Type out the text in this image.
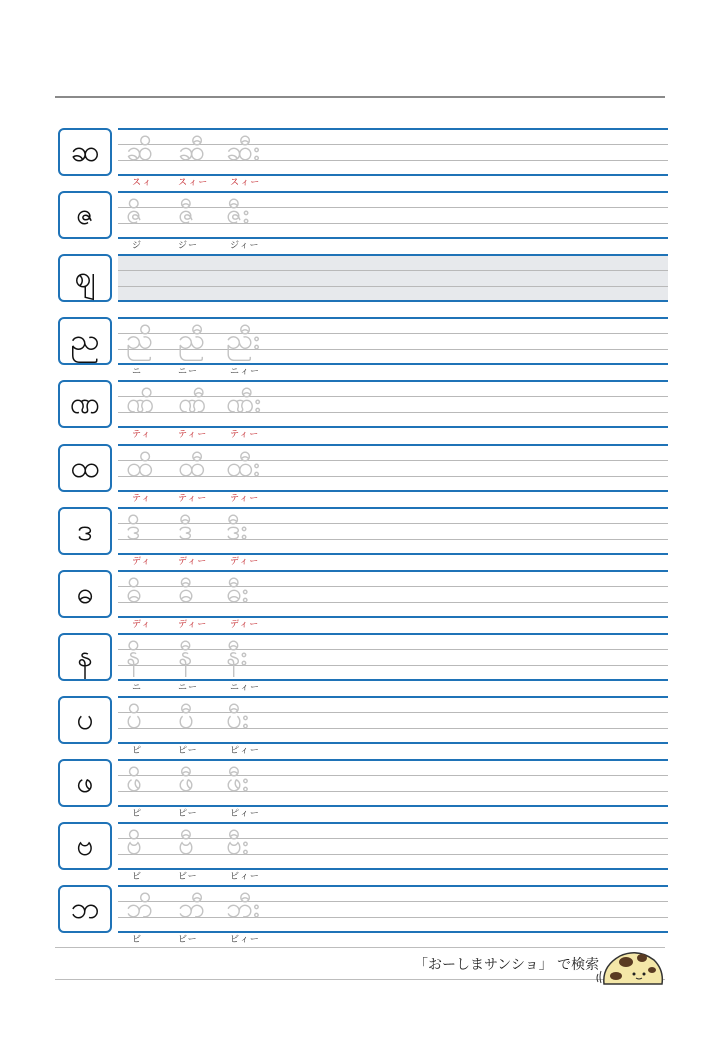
ဆ ဆိ ဆီ ဆီး
スィ	スィー スィー
ဇ ဇိ ဇီ ဇီး
ジ	ジー	ジィー
ဈ
ည ညိ ညီ ညီး
ニ	ニー	ニィー
ဏ ဏိ ဏီ ဏီး
ティ	ティー	ティー
ထ ထိ ထီ ထီး
ティ	ティー	ティー
ဒ ဒိ ဒီ ဒီး
ディ	ディー	ディー
ဓ ဓိ ဓီ ဓီး
ディ	ディー	ディー
န နိ နီ နီး
ニ	ニー	ニィー
ပ ပိ ပီ ပီး
ピ	ピー	ピィー
ဖ ဖိ ဖီ ဖီး
ピ	ピー	ピィー
ဗ ဗိ ဗီ ဗီး
ビ	ビー	ビィー
ဘ ဘိ ဘီ ဘီး
ビ	ビー	ビィー
「おーしまサンショ」 で検索
